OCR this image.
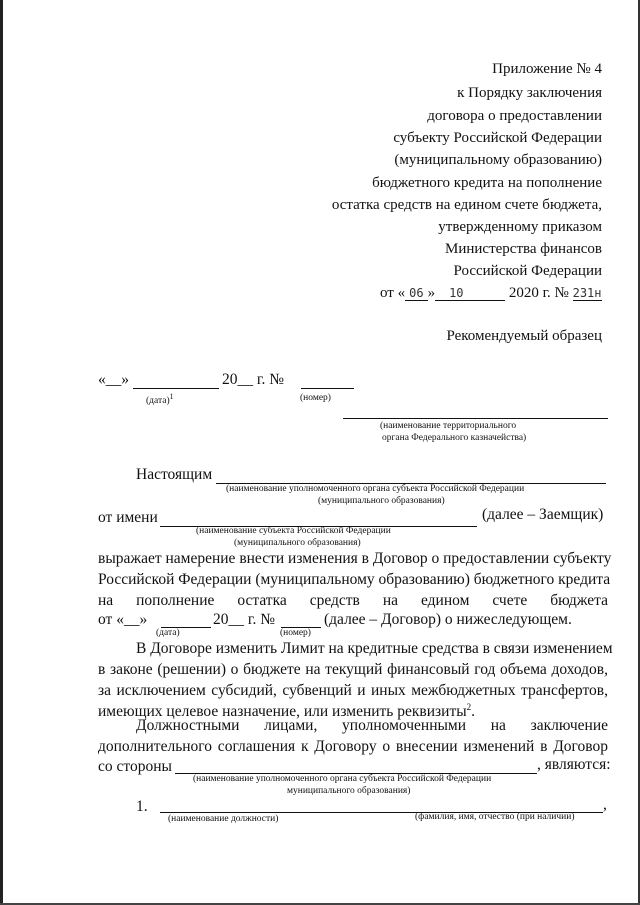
Приложение № 4
к Порядку заключения
договора о предоставлении
субъекту Российской Федерации
(муниципальному образованию)
бюджетного кредита на пополнение
остатка средств на едином счете бюджета,
утвержденному приказом
Министерства финансов
Российской Федерации
от « 06 » 10	2020 г. № 231н
Рекомендуемый образец
«__»	20__ г. №
(дата)$^1$	(номер)
(наименование территориального
органа Федерального казначейства)
Настоящим
(наименование уполномоченного органа субъекта Российской Федерации
(муниципального образования)
от имени	(далее – Заемщик)
(наименование субъекта Российской Федерации
(муниципального образования)
выражает намерение внести изменения в Договор о предоставлении субъекту
Российской Федерации (муниципальному образованию) бюджетного кредита
на пополнение остатка средств на едином счете бюджета
от «__»	20__ г. №	(далее – Договор) о нижеследующем.
(дата)	(номер)
В Договоре изменить Лимит на кредитные средства в связи изменением
в законе (решении) о бюджете на текущий финансовый год объема доходов,
за исключением субсидий, субвенций и иных межбюджетных трансфертов,
имеющих целевое назначение, или изменить реквизиты$^2$.
Должностными лицами, уполномоченными на заключение
дополнительного соглашения к Договору о внесении изменений в Договор
со стороны	, являются:
(наименование уполномоченного органа субъекта Российской Федерации
муниципального образования)
1.	,
(наименование должности)	(фамилия, имя, отчество (при наличии)
